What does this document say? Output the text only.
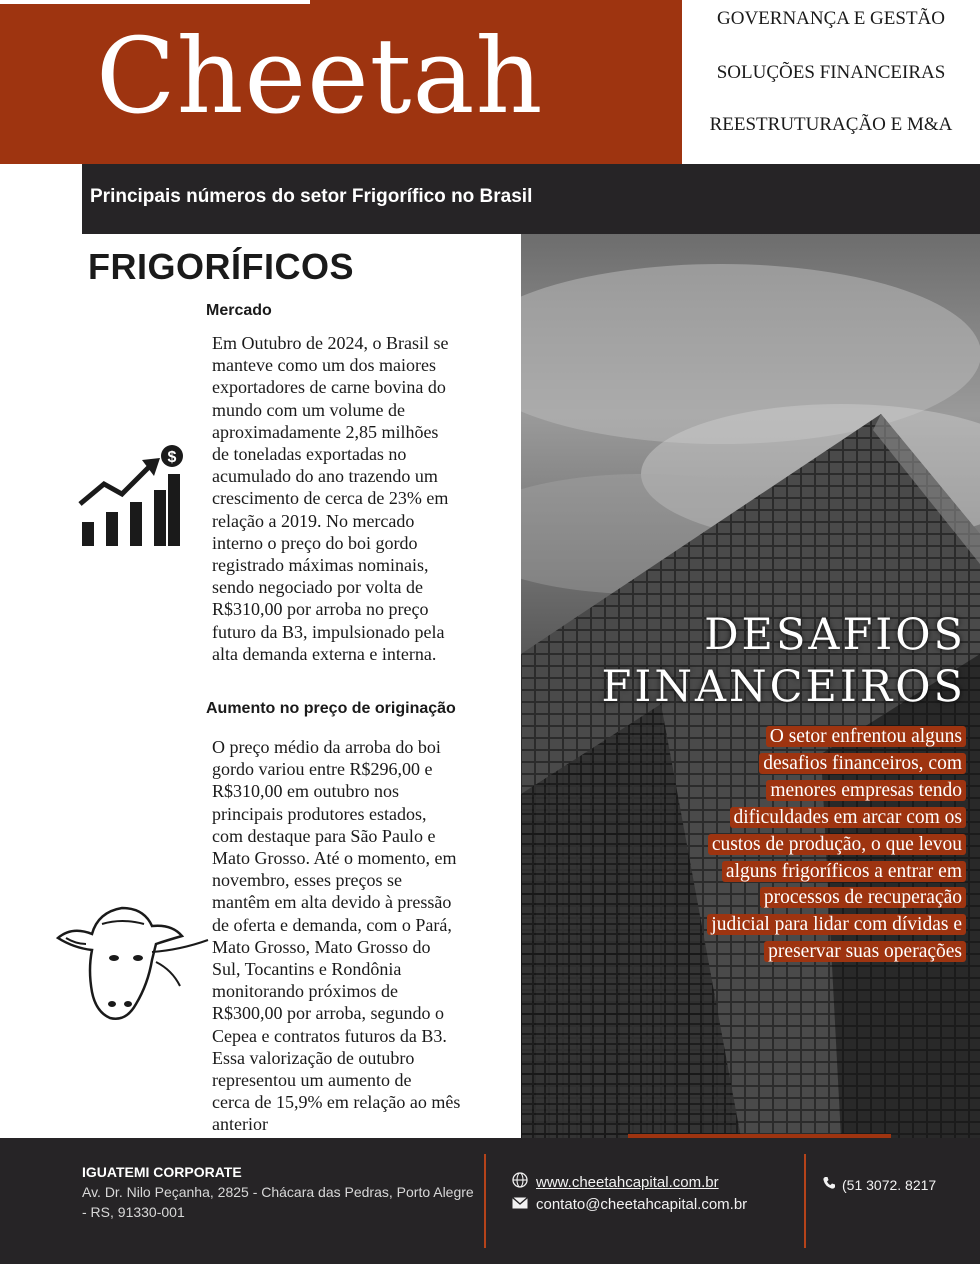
Cheetah	GOVERNANÇA E GESTÃO
SOLUÇÕES FINANCEIRAS
REESTRUTURAÇÃO E M&A
Principais números do setor Frigorífico no Brasil
FRIGORÍFICOS
Mercado
$
Em Outubro de 2024, o Brasil se
manteve como um dos maiores
exportadores de carne bovina do
mundo com um volume de
aproximadamente 2,85 milhões
de toneladas exportadas no
acumulado do ano trazendo um
crescimento de cerca de 23% em
relação a 2019. No mercado
interno o preço do boi gordo
registrado máximas nominais,
sendo negociado por volta de
R$310,00 por arroba no preço
futuro da B3, impulsionado pela
alta demanda externa e interna.
Aumento no preço de originação
O preço médio da arroba do boi
gordo variou entre R$296,00 e
R$310,00 em outubro nos
principais produtores estados,
com destaque para São Paulo e
Mato Grosso. Até o momento, em
novembro, esses preços se
mantêm em alta devido à pressão
de oferta e demanda, com o Pará,
Mato Grosso, Mato Grosso do
Sul, Tocantins e Rondônia
monitorando próximos de
R$300,00 por arroba, segundo o
Cepea e contratos futuros da B3.
Essa valorização de outubro
representou um aumento de
cerca de 15,9% em relação ao mês
anterior
DESAFIOS
FINANCEIROS
O setor enfrentou alguns
desafios financeiros, com
menores empresas tendo
dificuldades em arcar com os
custos de produção, o que levou
alguns frigoríficos a entrar em
processos de recuperação
judicial para lidar com dívidas e
preservar suas operações
IGUATEMI CORPORATE
Av. Dr. Nilo Peçanha, 2825 - Chácara das Pedras, Porto Alegre - RS, 91330-001
www.cheetahcapital.com.br
contato@cheetahcapital.com.br
(51 3072. 8217
